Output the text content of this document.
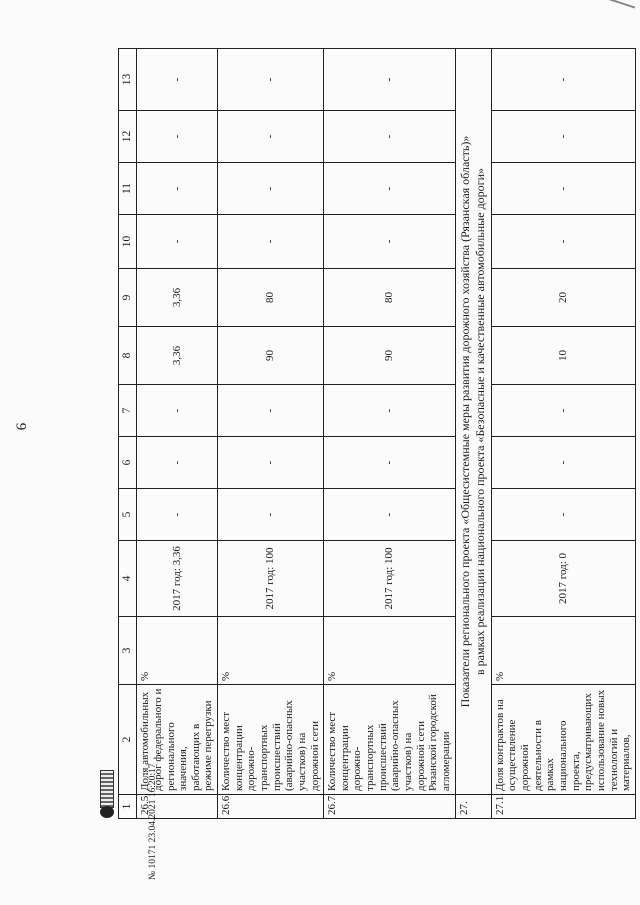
9
1	2	3	4	5	6	7	8	9	10	11	12	13
26.5.	Доля автомобильных дорог федерального и регионального значения, работающих в режиме перегрузки	%	2017 год: 3,36	-	-	-	3,36	3,36	-	-	-	-
26.6.	Количество мест концентрации дорожно-транспортных происшествий (аварийно-опасных участков) на дорожной сети	%	2017 год: 100	-	-	-	90	80	-	-	-	-
26.7.	Количество мест концентрации дорожно-транспортных происшествий (аварийно-опасных участков) на дорожной сети Рязанской городской агломерации	%	2017 год: 100	-	-	-	90	80	-	-	-	-
27.	Показатели регионального проекта «Общесистемные меры развития дорожного хозяйства (Рязанская область)» в рамках реализации национального проекта «Безопасные и качественные автомобильные дороги»											

27.1.	Доля контрактов на осуществление дорожной деятельности в рамках национального проекта, предусматривающих использование новых технологий и материалов,	%	2017 год: 0	-	-	-	10	20	-	-	-	-
№ 10171 23.04.2021 16:20:17
